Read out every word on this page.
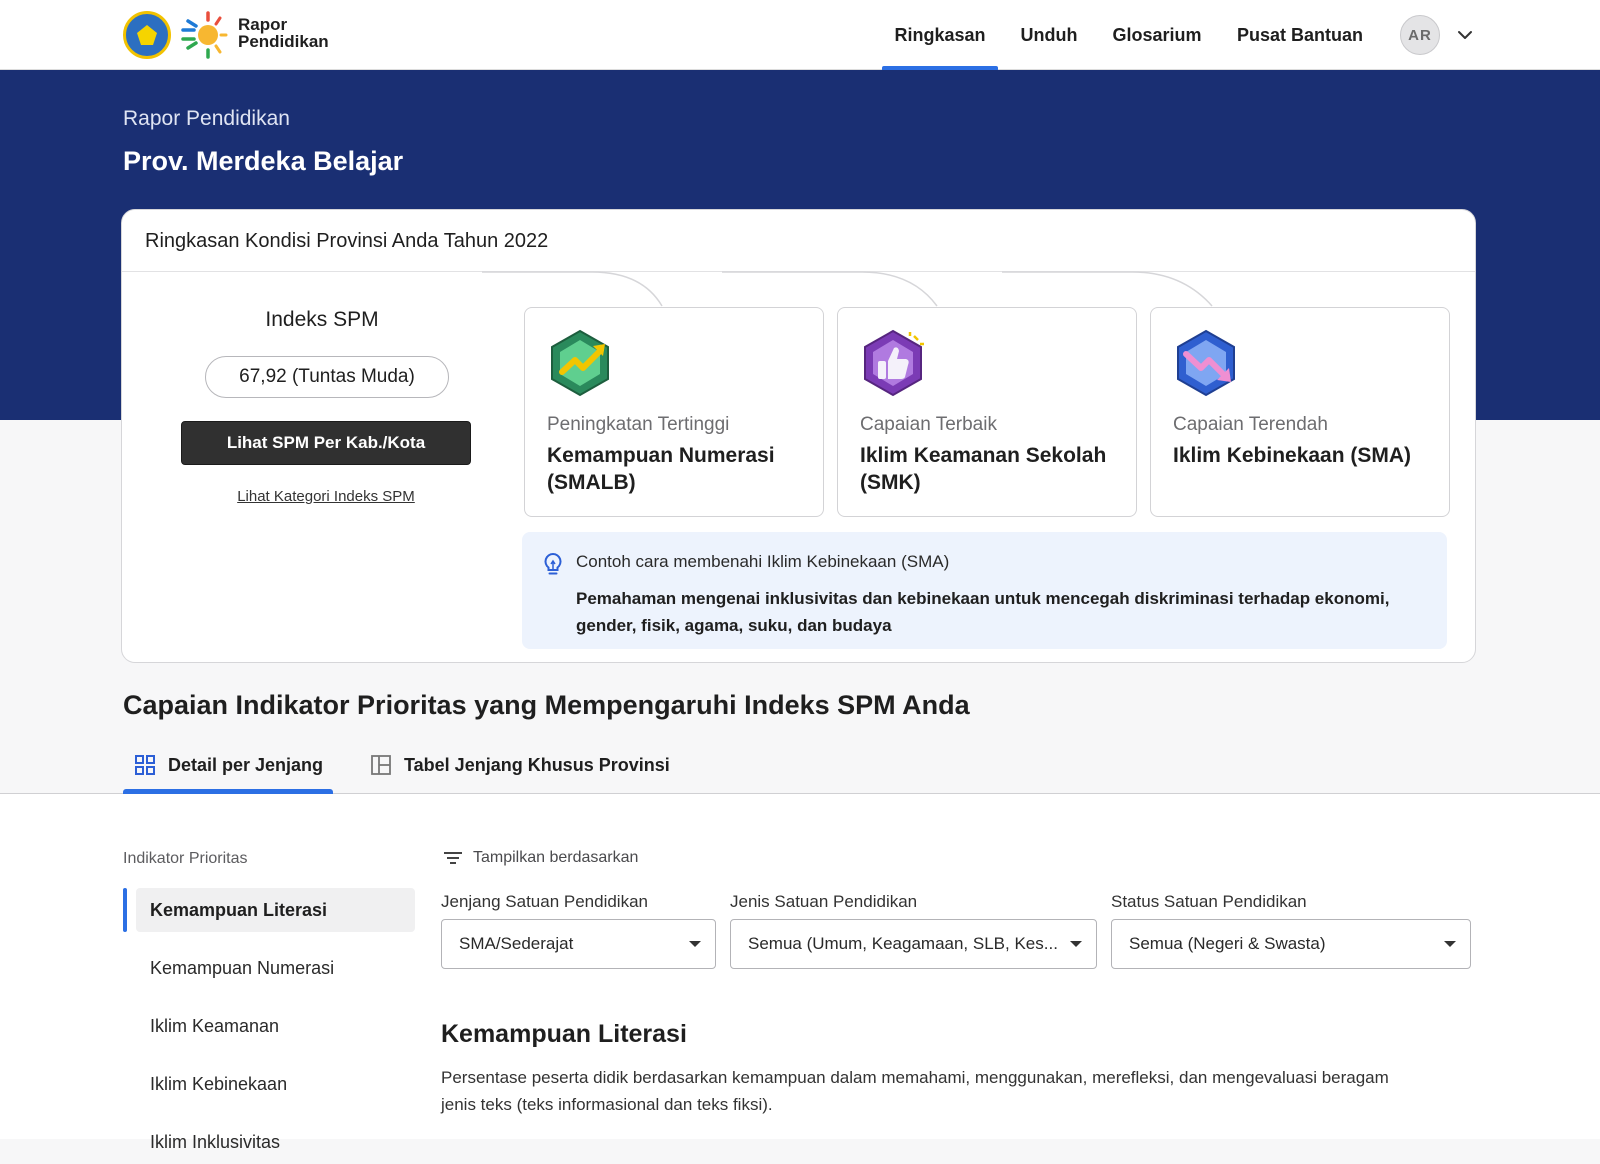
Rapor
Pendidikan	Ringkasan	Unduh	Glosarium	Pusat Bantuan	AR
Rapor Pendidikan
Prov. Merdeka Belajar
Ringkasan Kondisi Provinsi Anda Tahun 2022
Indeks SPM
67,92 (Tuntas Muda)
Lihat SPM Per Kab./Kota
Lihat Kategori Indeks SPM
Peningkatan Tertinggi
Kemampuan Numerasi (SMALB)
Capaian Terbaik
Iklim Keamanan Sekolah (SMK)
Capaian Terendah
Iklim Kebinekaan (SMA)
Contoh cara membenahi Iklim Kebinekaan (SMA)
Pemahaman mengenai inklusivitas dan kebinekaan untuk mencegah diskriminasi terhadap ekonomi, gender, fisik, agama, suku, dan budaya
Capaian Indikator Prioritas yang Mempengaruhi Indeks SPM Anda
Detail per Jenjang	Tabel Jenjang Khusus Provinsi
Indikator Prioritas
Kemampuan Literasi
Kemampuan Numerasi
Iklim Keamanan
Iklim Kebinekaan
Iklim Inklusivitas
Tampilkan berdasarkan
Jenjang Satuan Pendidikan
SMA/Sederajat
Jenis Satuan Pendidikan
Semua (Umum, Keagamaan, SLB, Kes...
Status Satuan Pendidikan
Semua (Negeri & Swasta)
Kemampuan Literasi
Persentase peserta didik berdasarkan kemampuan dalam memahami, menggunakan, merefleksi, dan mengevaluasi beragam jenis teks (teks informasional dan teks fiksi).
